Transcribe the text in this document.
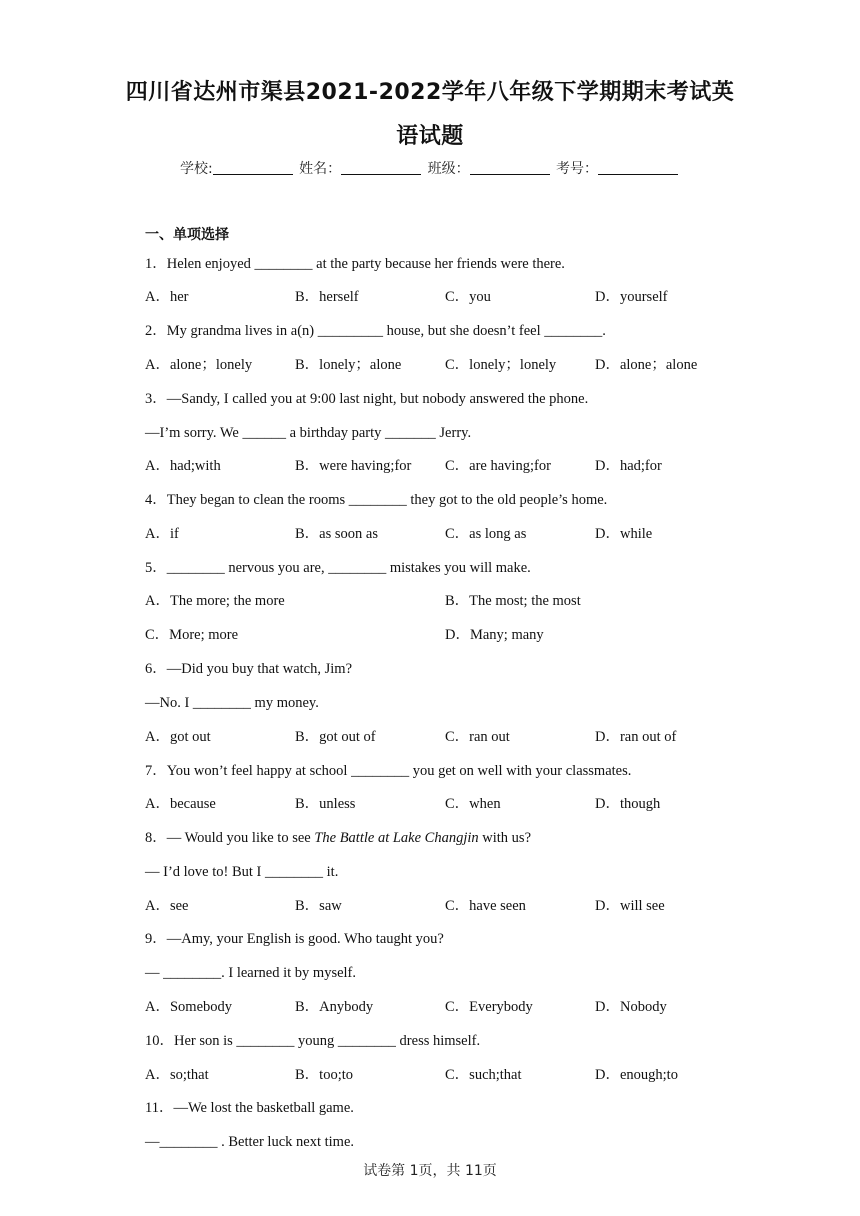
四川省达州市渠县2021-2022学年八年级下学期期末考试英
语试题
学校:	姓名：	班级：	考号：
一、单项选择
1．Helen enjoyed ________ at the party because her friends were there.
A．her	B．herself	C．you	D．yourself
2．My grandma lives in a(n) _________ house, but she doesn’t feel ________.
A．alone；lonely	B．lonely；alone	C．lonely；lonely	D．alone；alone
3．—Sandy, I called you at 9:00 last night, but nobody answered the phone.
—I’m sorry. We ______ a birthday party _______ Jerry.
A．had;with	B．were having;for C．are having;for	D．had;for
4．They began to clean the rooms ________ they got to the old people’s home.
A．if	B．as soon as	C．as long as	D．while
5．________ nervous you are, ________ mistakes you will make.
A．The more; the more	B．The most; the most
C．More; more	D．Many; many
6．—Did you buy that watch, Jim?
—No. I ________ my money.
A．got out	B．got out of	C．ran out	D．ran out of
7．You won’t feel happy at school ________ you get on well with your classmates.
A．because	B．unless	C．when	D．though
8．— Would you like to see The Battle at Lake Changjin with us?
— I’d love to! But I ________ it.
A．see	B．saw	C．have seen	D．will see
9．—Amy, your English is good. Who taught you?
— ________. I learned it by myself.
A．Somebody	B．Anybody	C．Everybody	D．Nobody
10．Her son is ________ young ________ dress himself.
A．so;that	B．too;to	C．such;that	D．enough;to
11．—We lost the basketball game.
—________ . Better luck next time.
试卷第 1页，共 11页
